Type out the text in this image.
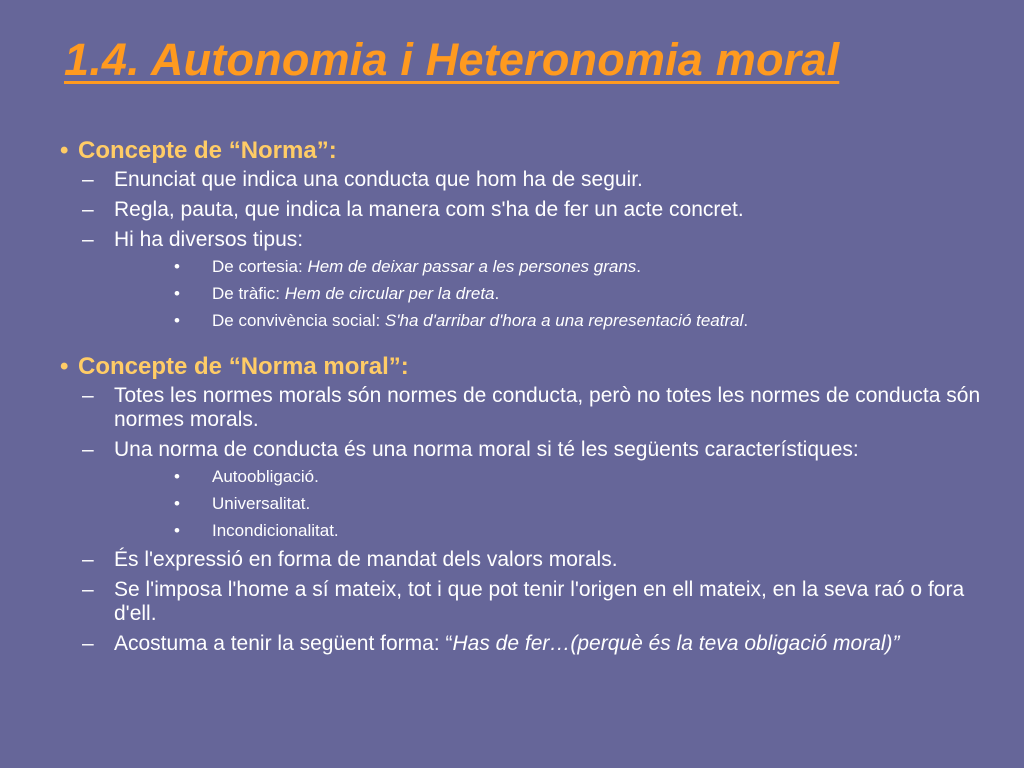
1.4. Autonomia i Heteronomia moral
• Concepte de “Norma”:
– Enunciat que indica una conducta que hom ha de seguir.
– Regla, pauta, que indica la manera com s'ha de fer un acte concret.
– Hi ha diversos tipus:
•	De cortesia: Hem de deixar passar a les persones grans.
•	De tràfic: Hem de circular per la dreta.
•	De convivència social: S'ha d'arribar d'hora a una representació teatral.
• Concepte de “Norma moral”:
– Totes les normes morals són normes de conducta, però no totes les normes de conducta són normes morals.
– Una norma de conducta és una norma moral si té les següents característiques:
•	Autoobligació.
•	Universalitat.
•	Incondicionalitat.
– És l'expressió en forma de mandat dels valors morals.
– Se l'imposa l'home a sí mateix, tot i que pot tenir l'origen en ell mateix, en la seva raó o fora d'ell.
– Acostuma a tenir la següent forma: “Has de fer…(perquè és la teva obligació moral)”
